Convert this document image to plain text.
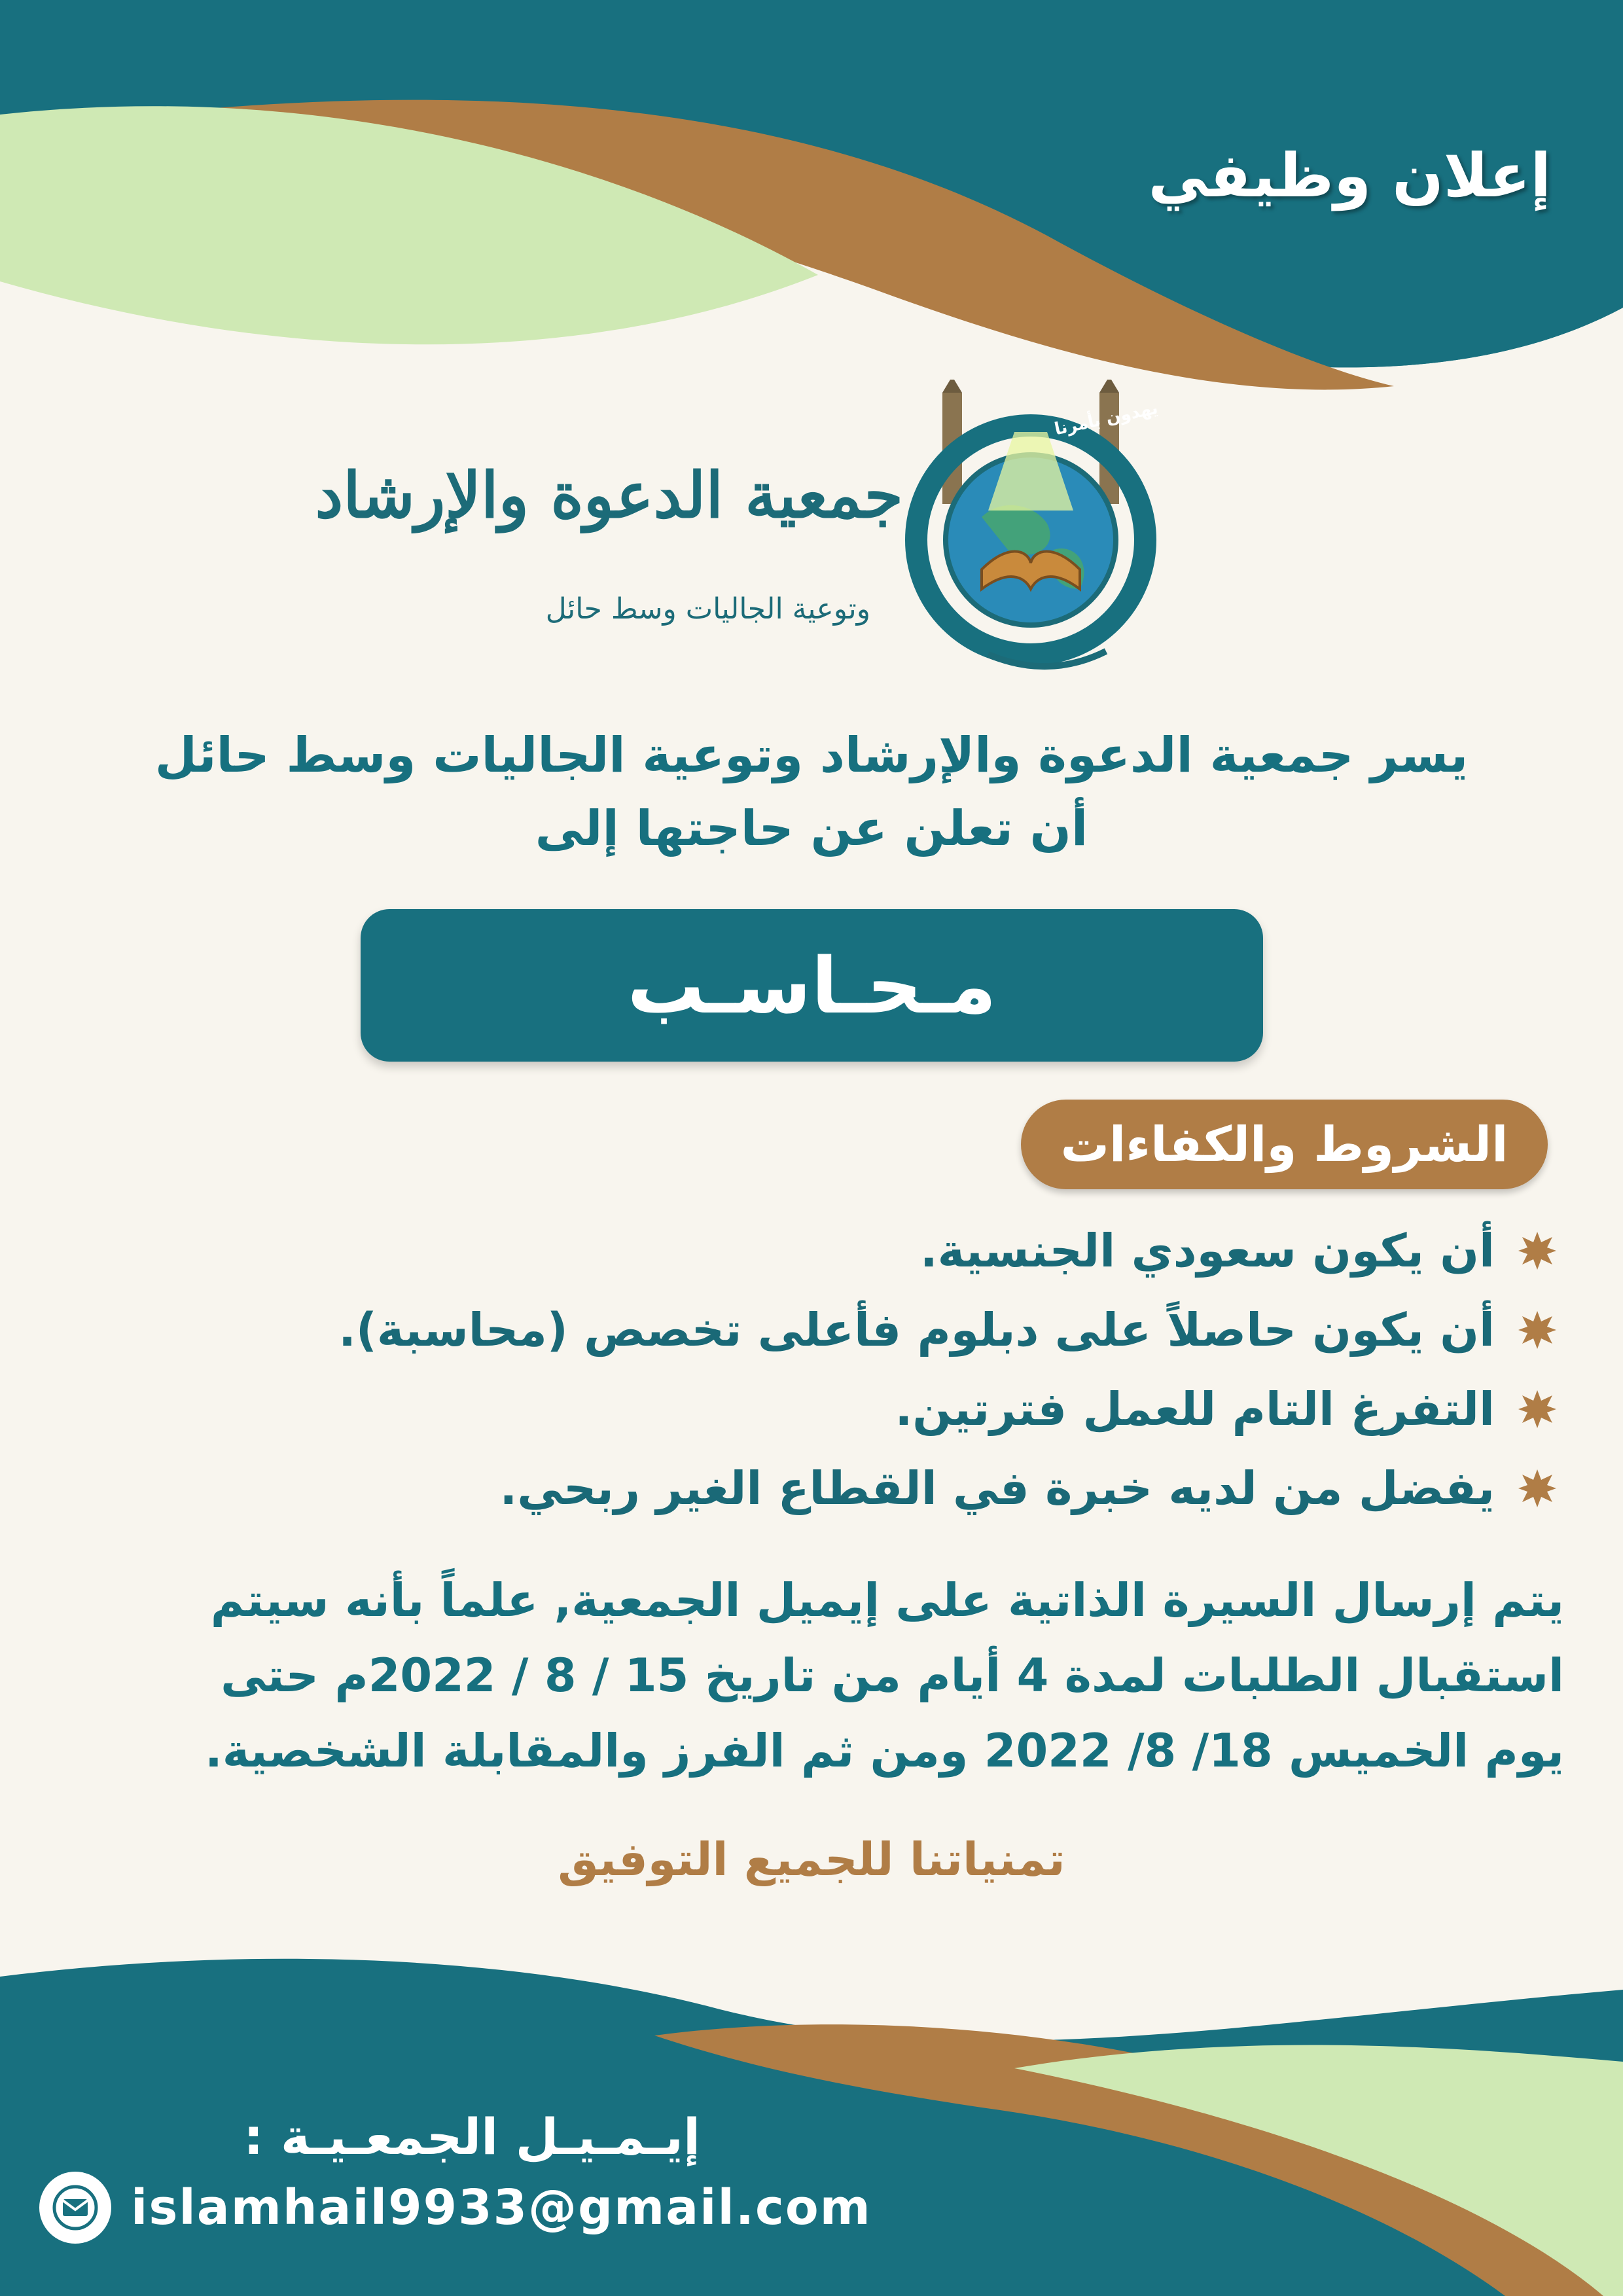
إعلان وظيفي
جمعية الدعوة والإرشاد
وتوعية الجاليات وسط حائل
يهدون بأمرنا
يسر جمعية الدعوة والإرشاد وتوعية الجاليات وسط حائل
أن تعلن عن حاجتها إلى
مـحـاسـب
الشروط والكفاءات
أن يكون سعودي الجنسية.
أن يكون حاصلاً على دبلوم فأعلى تخصص (محاسبة).
التفرغ التام للعمل فترتين.
يفضل من لديه خبرة في القطاع الغير ربحي.
يتم إرسال السيرة الذاتية على إيميل الجمعية, علماً بأنه سيتم
استقبال الطلبات لمدة 4 أيام من تاريخ 15 / 8 / 2022م حتى
يوم الخميس 18/ 8/ 2022 ومن ثم الفرز والمقابلة الشخصية.
تمنياتنا للجميع التوفيق
إيـمـيـل الجمعـيـة :
islamhail9933@gmail.com
